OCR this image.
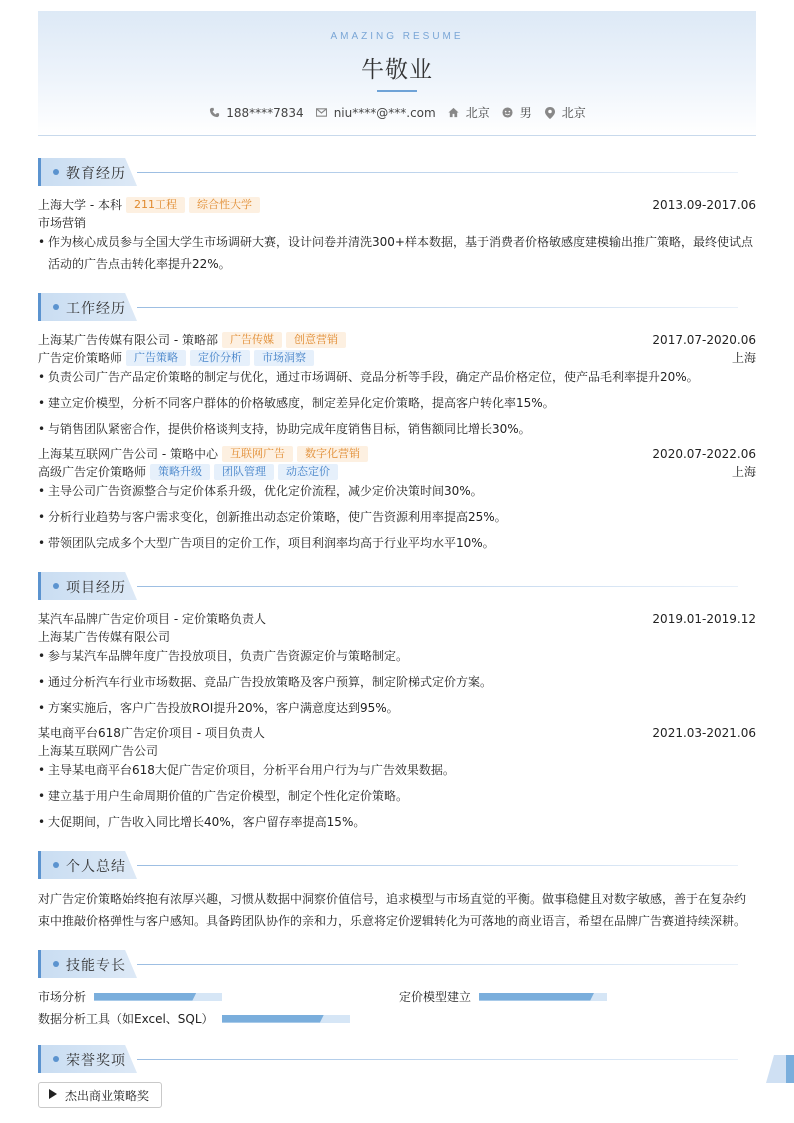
AMAZING RESUME
牛敬业
188****7834	niu****@***.com	北京	男	北京
教育经历
上海大学 - 本科	211工程	综合性大学	2013.09-2017.06
市场营销
• 作为核心成员参与全国大学生市场调研大赛，设计问卷并清洗300+样本数据，基于消费者价格敏感度建模输出推广策略，最终使试点活动的广告点击转化率提升22%。
工作经历
上海某广告传媒有限公司 - 策略部	广告传媒	创意营销	2017.07-2020.06
广告定价策略师	广告策略	定价分析	市场洞察	上海
• 负责公司广告产品定价策略的制定与优化，通过市场调研、竞品分析等手段，确定产品价格定位，使产品毛利率提升20%。
• 建立定价模型，分析不同客户群体的价格敏感度，制定差异化定价策略，提高客户转化率15%。
• 与销售团队紧密合作，提供价格谈判支持，协助完成年度销售目标，销售额同比增长30%。
上海某互联网广告公司 - 策略中心	互联网广告	数字化营销	2020.07-2022.06
高级广告定价策略师	策略升级	团队管理	动态定价	上海
• 主导公司广告资源整合与定价体系升级，优化定价流程，减少定价决策时间30%。
• 分析行业趋势与客户需求变化，创新推出动态定价策略，使广告资源利用率提高25%。
• 带领团队完成多个大型广告项目的定价工作，项目利润率均高于行业平均水平10%。
项目经历
某汽车品牌广告定价项目 - 定价策略负责人	2019.01-2019.12
上海某广告传媒有限公司
• 参与某汽车品牌年度广告投放项目，负责广告资源定价与策略制定。
• 通过分析汽车行业市场数据、竞品广告投放策略及客户预算，制定阶梯式定价方案。
• 方案实施后，客户广告投放ROI提升20%，客户满意度达到95%。
某电商平台618广告定价项目 - 项目负责人	2021.03-2021.06
上海某互联网广告公司
• 主导某电商平台618大促广告定价项目，分析平台用户行为与广告效果数据。
• 建立基于用户生命周期价值的广告定价模型，制定个性化定价策略。
• 大促期间，广告收入同比增长40%，客户留存率提高15%。
个人总结
对广告定价策略始终抱有浓厚兴趣，习惯从数据中洞察价值信号，追求模型与市场直觉的平衡。做事稳健且对数字敏感，善于在复杂约束中推敲价格弹性与客户感知。具备跨团队协作的亲和力，乐意将定价逻辑转化为可落地的商业语言，希望在品牌广告赛道持续深耕。
技能专长
市场分析	定价模型建立
数据分析工具（如Excel、SQL）
荣誉奖项
杰出商业策略奖
